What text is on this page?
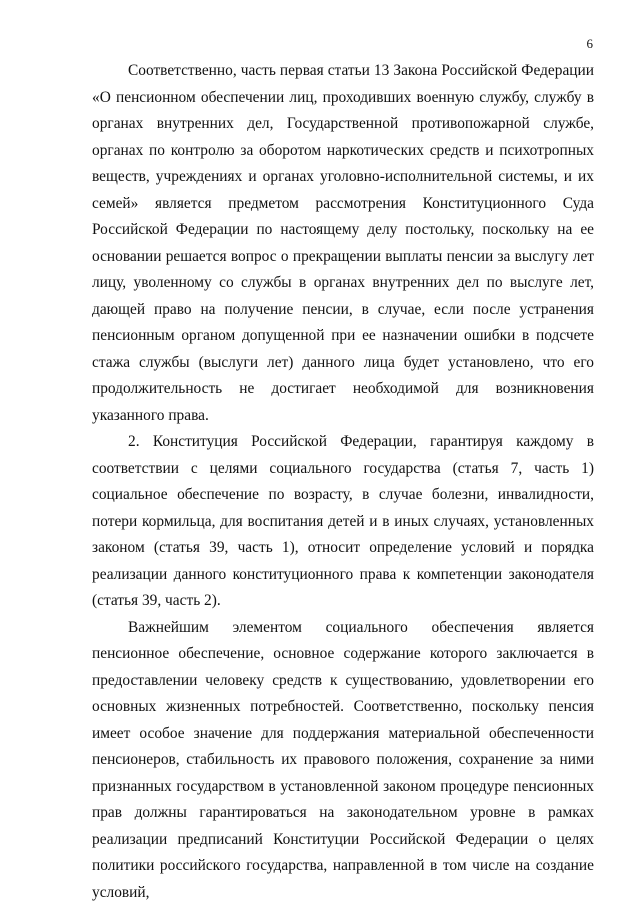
6

Соответственно, часть первая статьи 13 Закона Российской Федерации «О пенсионном обеспечении лиц, проходивших военную службу, службу в органах внутренних дел, Государственной противопожарной службе, органах по контролю за оборотом наркотических средств и психотропных веществ, учреждениях и органах уголовно-исполнительной системы, и их семей» является предметом рассмотрения Конституционного Суда Российской Федерации по настоящему делу постольку, поскольку на ее основании решается вопрос о прекращении выплаты пенсии за выслугу лет лицу, уволенному со службы в органах внутренних дел по выслуге лет, дающей право на получение пенсии, в случае, если после устранения пенсионным органом допущенной при ее назначении ошибки в подсчете стажа службы (выслуги лет) данного лица будет установлено, что его продолжительность не достигает необходимой для возникновения указанного права.

2. Конституция Российской Федерации, гарантируя каждому в соответствии с целями социального государства (статья 7, часть 1) социальное обеспечение по возрасту, в случае болезни, инвалидности, потери кормильца, для воспитания детей и в иных случаях, установленных законом (статья 39, часть 1), относит определение условий и порядка реализации данного конституционного права к компетенции законодателя (статья 39, часть 2).

Важнейшим элементом социального обеспечения является пенсионное обеспечение, основное содержание которого заключается в предоставлении человеку средств к существованию, удовлетворении его основных жизненных потребностей. Соответственно, поскольку пенсия имеет особое значение для поддержания материальной обеспеченности пенсионеров, стабильность их правового положения, сохранение за ними признанных государством в установленной законом процедуре пенсионных прав должны гарантироваться на законодательном уровне в рамках реализации предписаний Конституции Российской Федерации о целях политики российского государства, направленной в том числе на создание условий,
